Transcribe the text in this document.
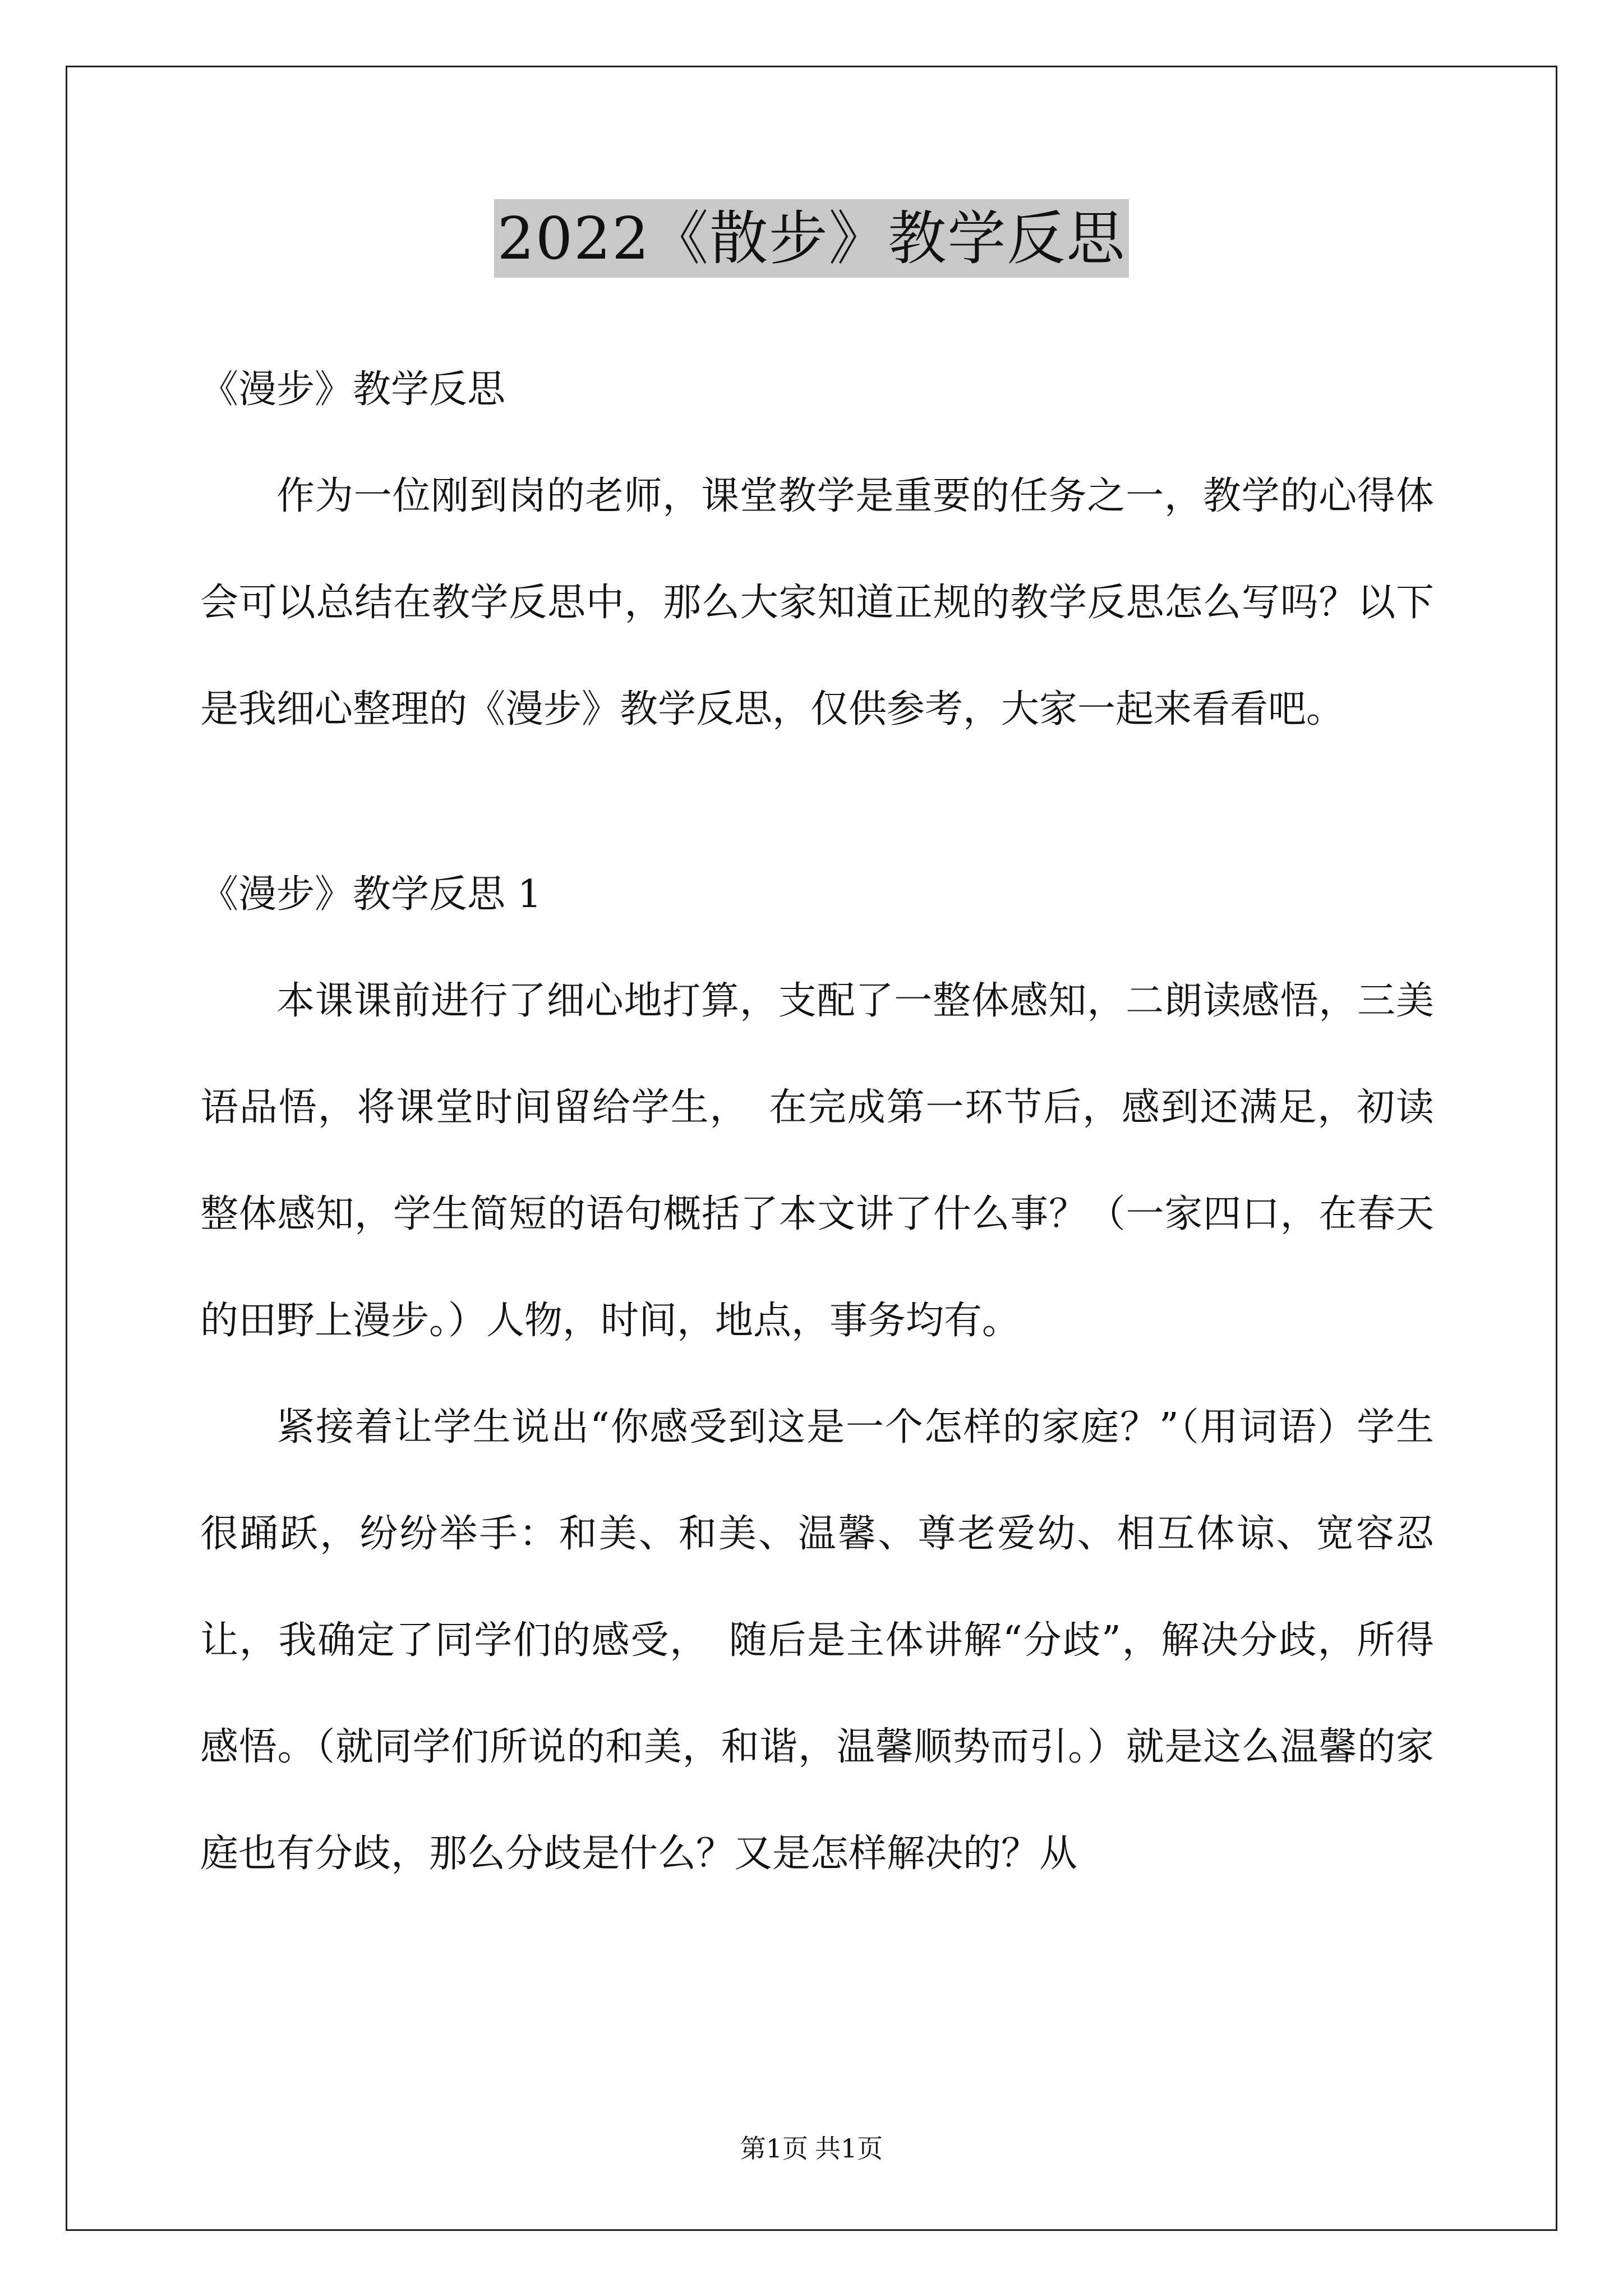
2022《散步》教学反思
《漫步》教学反思

作为一位刚到岗的老师，课堂教学是重要的任务之一，教学的心得体会可以总结在教学反思中，那么大家知道正规的教学反思怎么写吗？以下是我细心整理的《漫步》教学反思，仅供参考，大家一起来看看吧。

《漫步》教学反思 1

本课课前进行了细心地打算，支配了一整体感知，二朗读感悟，三美语品悟，将课堂时间留给学生，　在完成第一环节后，感到还满足，初读整体感知，学生简短的语句概括了本文讲了什么事？（一家四口，在春天的田野上漫步。）人物，时间，地点，事务均有。

紧接着让学生说出“你感受到这是一个怎样的家庭？”（用词语）学生很踊跃，纷纷举手：和美、和美、温馨、尊老爱幼、相互体谅、宽容忍让，我确定了同学们的感受，　随后是主体讲解“分歧”，解决分歧，所得感悟。（就同学们所说的和美，和谐，温馨顺势而引。）就是这么温馨的家庭也有分歧，那么分歧是什么？又是怎样解决的？从

第1页 共1页
